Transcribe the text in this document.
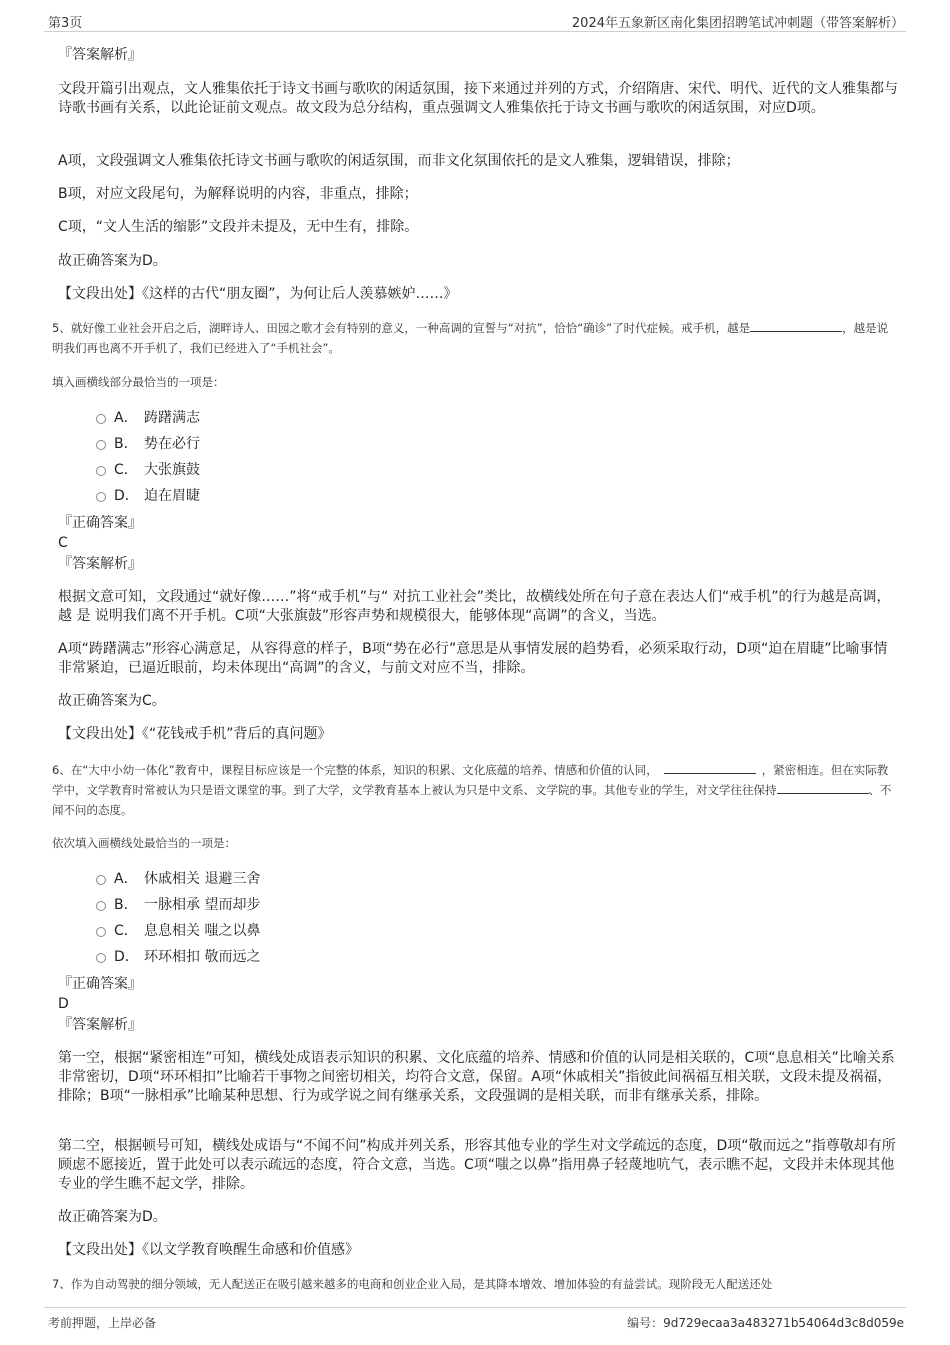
第3页	2024年五象新区南化集团招聘笔试冲刺题（带答案解析）

『答案解析』

文段开篇引出观点，文人雅集依托于诗文书画与歌吹的闲适氛围，接下来通过并列的方式，介绍隋唐、宋代、明代、近代的文人雅集都与诗歌书画有关系，以此论证前文观点。故文段为总分结构，重点强调文人雅集依托于诗文书画与歌吹的闲适氛围，对应D项。

A项，文段强调文人雅集依托诗文书画与歌吹的闲适氛围，而非文化氛围依托的是文人雅集，逻辑错误，排除；

B项，对应文段尾句，为解释说明的内容，非重点，排除；

C项，“文人生活的缩影”文段并未提及，无中生有，排除。

故正确答案为D。

【文段出处】《这样的古代“朋友圈”，为何让后人羡慕嫉妒……》

5、就好像工业社会开启之后，湖畔诗人、田园之歌才会有特别的意义，一种高调的宣誓与“对抗”，恰恰“确诊”了时代症候。戒手机，越是	，越是说明我们再也离不开手机了，我们已经进入了“手机社会”。

填入画横线部分最恰当的一项是：

A． 踌躇满志
B． 势在必行
C． 大张旗鼓
D． 迫在眉睫

『正确答案』

C

『答案解析』

根据文意可知，文段通过“就好像……”将“戒手机”与“ 对抗工业社会”类比，故横线处所在句子意在表达人们“戒手机”的行为越是高调，越 是 说明我们离不开手机。C项“大张旗鼓”形容声势和规模很大，能够体现“高调”的含义，当选。

A项“踌躇满志”形容心满意足，从容得意的样子，B项“势在必行”意思是从事情发展的趋势看，必须采取行动，D项“迫在眉睫”比喻事情非常紧迫，已逼近眼前，均未体现出“高调”的含义，与前文对应不当，排除。

故正确答案为C。

【文段出处】《“花钱戒手机”背后的真问题》

6、在“大中小幼一体化”教育中，课程目标应该是一个完整的体系，知识的积累、文化底蕴的培养、情感和价值的认同，	，紧密相连。但在实际教学中，文学教育时常被认为只是语文课堂的事。到了大学，文学教育基本上被认为只是中文系、文学院的事。其他专业的学生，对文学往往保持	、不闻不问的态度。

依次填入画横线处最恰当的一项是：

A． 休戚相关 退避三舍
B． 一脉相承 望而却步
C． 息息相关 嗤之以鼻
D． 环环相扣 敬而远之

『正确答案』

D

『答案解析』

第一空，根据“紧密相连”可知，横线处成语表示知识的积累、文化底蕴的培养、情感和价值的认同是相关联的，C项“息息相关”比喻关系非常密切，D项“环环相扣”比喻若干事物之间密切相关，均符合文意，保留。A项“休戚相关”指彼此间祸福互相关联，文段未提及祸福，排除；B项“一脉相承”比喻某种思想、行为或学说之间有继承关系，文段强调的是相关联，而非有继承关系，排除。

第二空，根据顿号可知，横线处成语与“不闻不问”构成并列关系，形容其他专业的学生对文学疏远的态度，D项“敬而远之”指尊敬却有所顾虑不愿接近，置于此处可以表示疏远的态度，符合文意，当选。C项“嗤之以鼻”指用鼻子轻蔑地吭气，表示瞧不起，文段并未体现其他专业的学生瞧不起文学，排除。

故正确答案为D。

【文段出处】《以文学教育唤醒生命感和价值感》

7、作为自动驾驶的细分领域，无人配送正在吸引越来越多的电商和创业企业入局，是其降本增效、增加体验的有益尝试。现阶段无人配送还处

考前押题，上岸必备	编号：9d729ecaa3a483271b54064d3c8d059e
